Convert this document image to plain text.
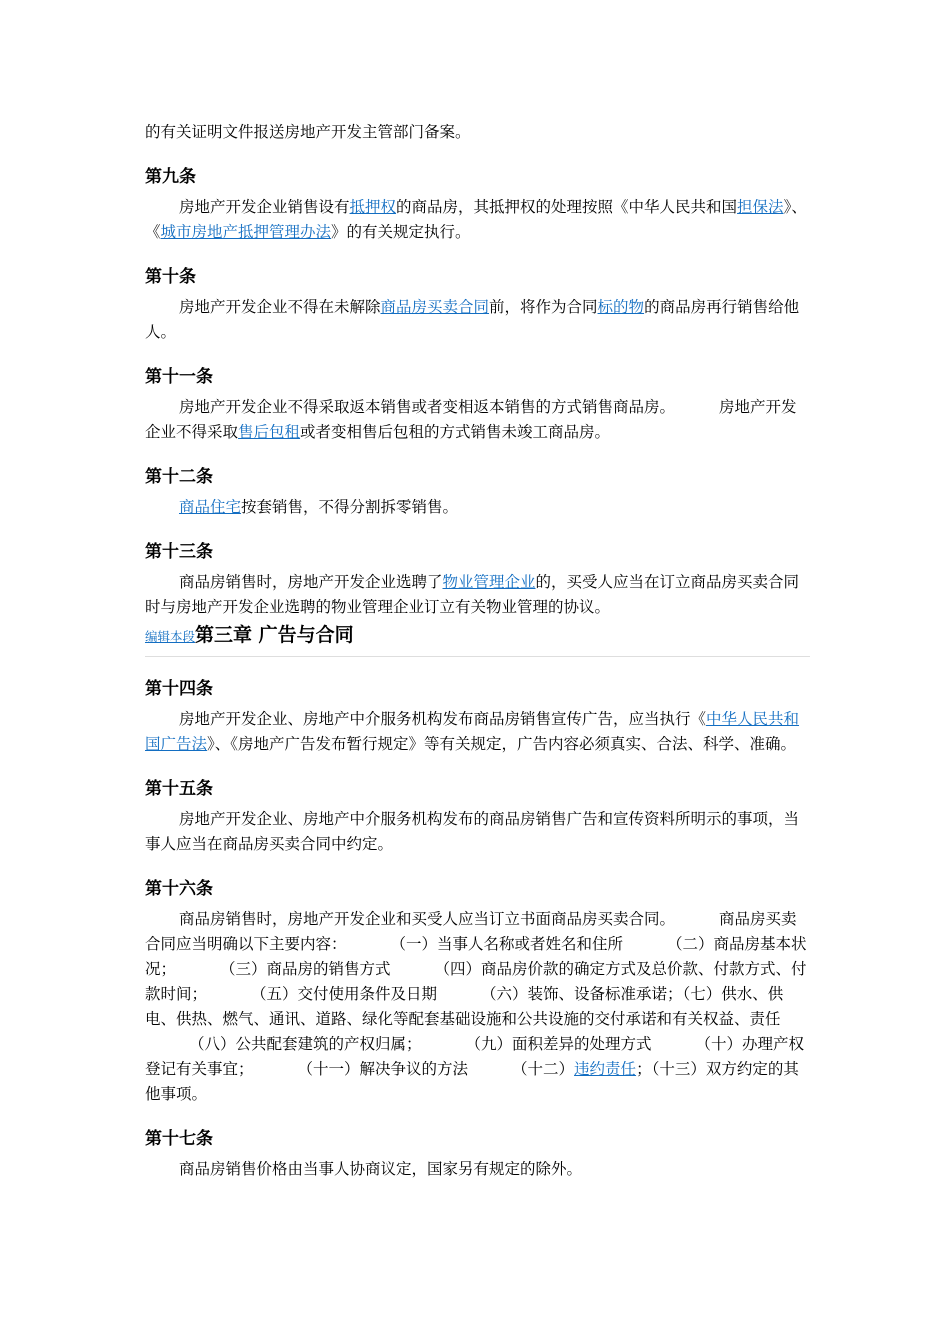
的有关证明文件报送房地产开发主管部门备案。

第九条

房地产开发企业销售设有抵押权的商品房，其抵押权的处理按照《中华人民共和国担保法》、《城市房地产抵押管理办法》的有关规定执行。

第十条

房地产开发企业不得在未解除商品房买卖合同前，将作为合同标的物的商品房再行销售给他人。

第十一条

房地产开发企业不得采取返本销售或者变相返本销售的方式销售商品房。	房地产开发企业不得采取售后包租或者变相售后包租的方式销售未竣工商品房。

第十二条

商品住宅按套销售，不得分割拆零销售。

第十三条

商品房销售时，房地产开发企业选聘了物业管理企业的，买受人应当在订立商品房买卖合同时与房地产开发企业选聘的物业管理企业订立有关物业管理的协议。

编辑本段第三章 广告与合同
第十四条

房地产开发企业、房地产中介服务机构发布商品房销售宣传广告，应当执行《中华人民共和国广告法》、《房地产广告发布暂行规定》等有关规定，广告内容必须真实、合法、科学、准确。

第十五条

房地产开发企业、房地产中介服务机构发布的商品房销售广告和宣传资料所明示的事项，当事人应当在商品房买卖合同中约定。

第十六条

商品房销售时，房地产开发企业和买受人应当订立书面商品房买卖合同。	商品房买卖合同应当明确以下主要内容：	（一）当事人名称或者姓名和住所	（二）商品房基本状况；	（三）商品房的销售方式	（四）商品房价款的确定方式及总价款、付款方式、付款时间；	（五）交付使用条件及日期	（六）装饰、设备标准承诺；（七）供水、供电、供热、燃气、通讯、道路、绿化等配套基础设施和公共设施的交付承诺和有关权益、责任（八）公共配套建筑的产权归属；	（九）面积差异的处理方式	（十）办理产权登记有关事宜；	（十一）解决争议的方法	（十二）违约责任；（十三）双方约定的其他事项。

第十七条

商品房销售价格由当事人协商议定，国家另有规定的除外。
